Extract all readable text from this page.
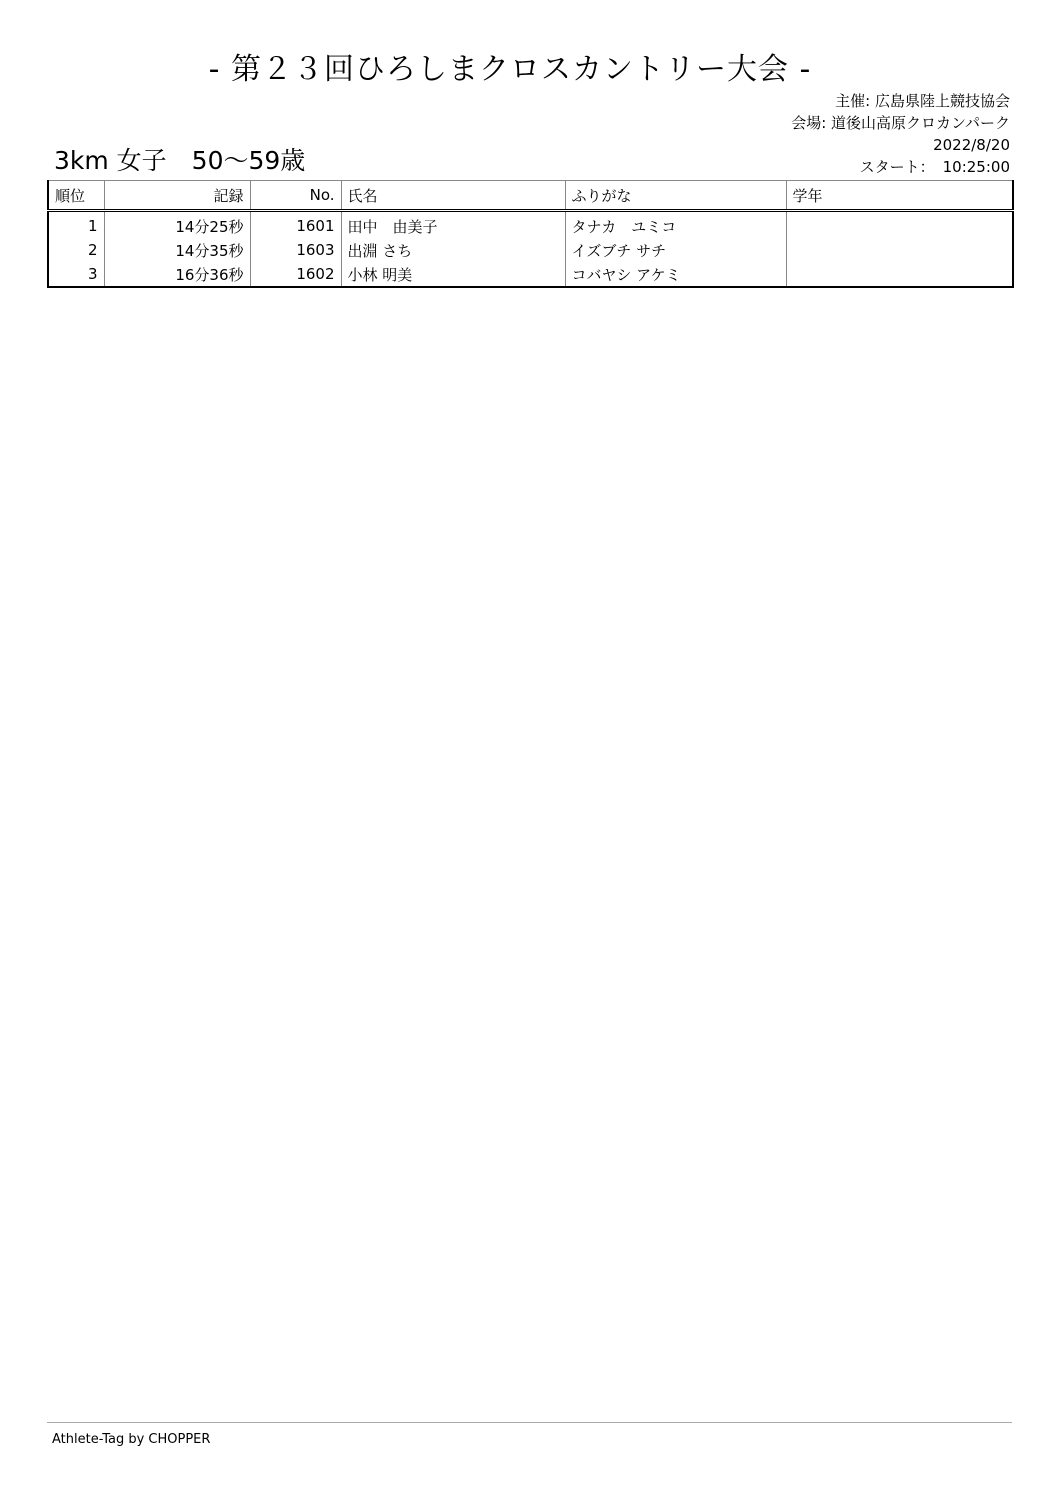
- 第２３回ひろしまクロスカントリー大会 -
主催: 広島県陸上競技協会
会場: 道後山高原クロカンパーク
2022/8/20
スタート： 10:25:00
3km 女子　50〜59歳
順位	記録	No.	氏名	ふりがな	学年
1	14分25秒	1601	田中　由美子	タナカ　ユミコ	
2	14分35秒	1603	出淵 さち	イズブチ サチ	
3	16分36秒	1602	小林 明美	コバヤシ アケミ	
Athlete-Tag by CHOPPER
